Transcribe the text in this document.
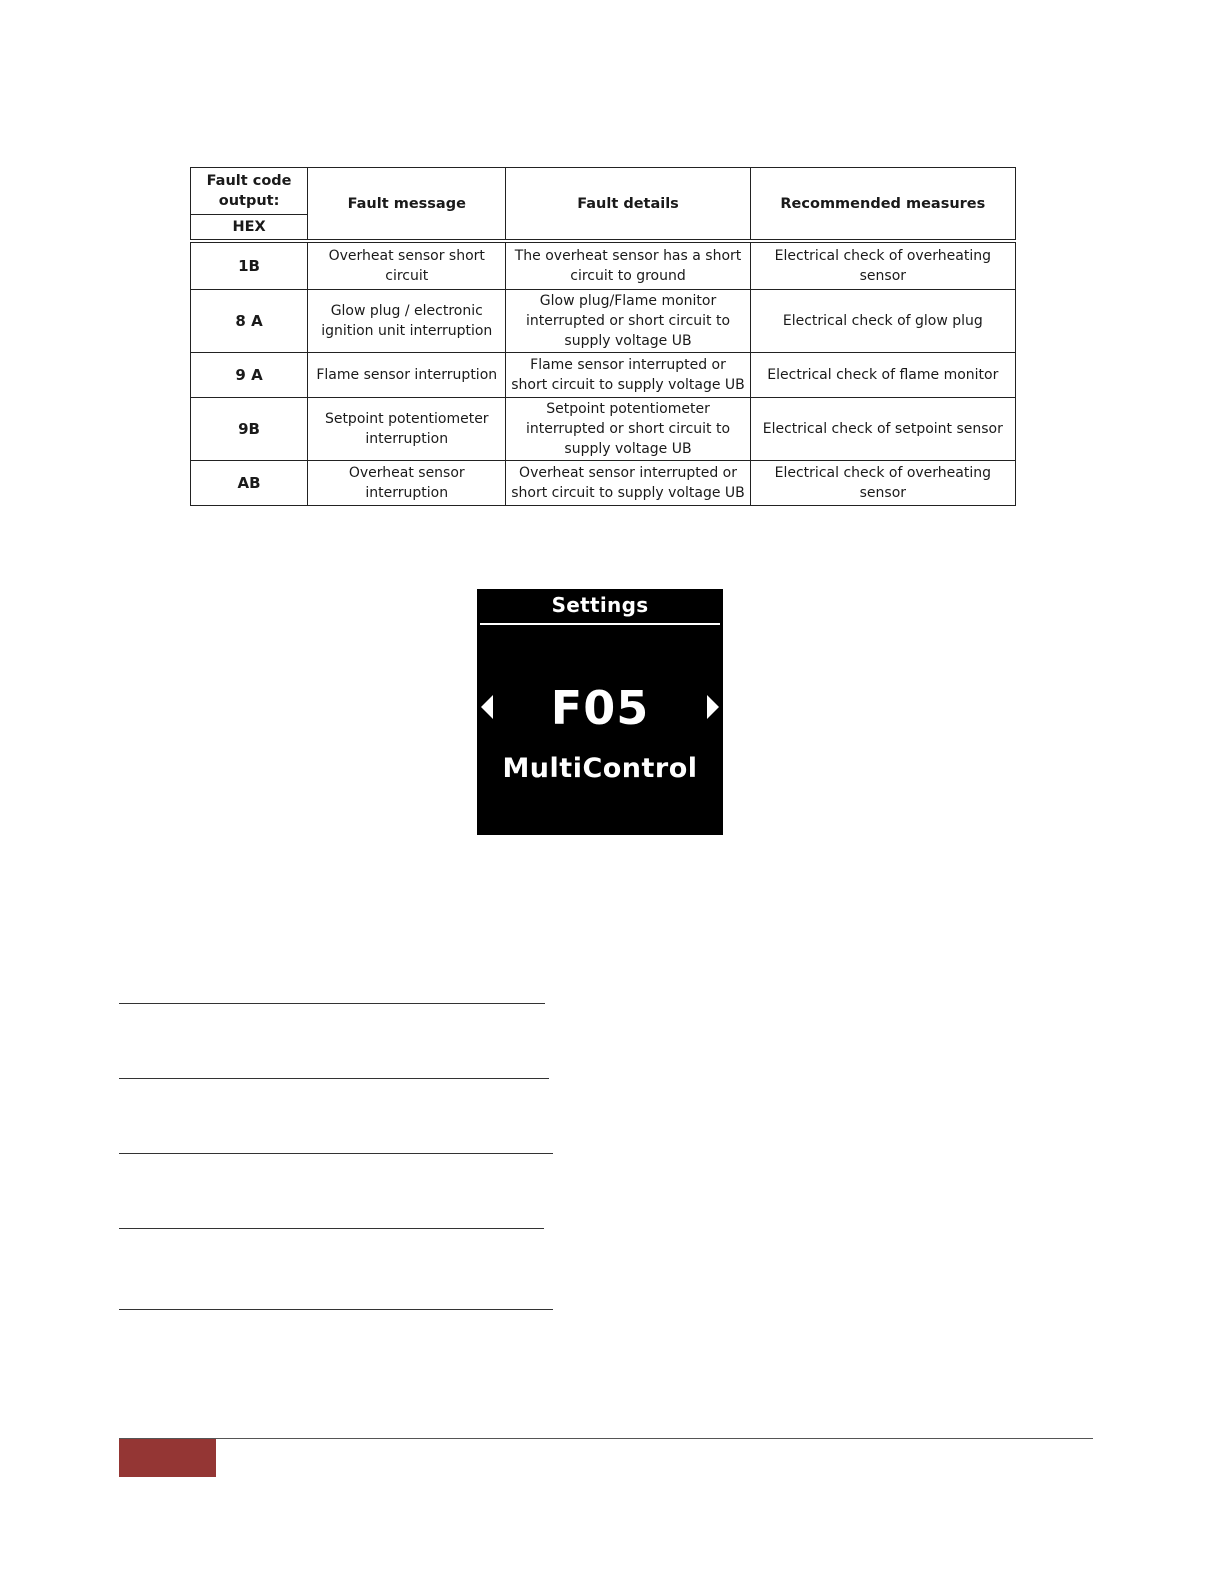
Fault code output:	Fault message	Fault details	Recommended measures
HEX			
1B	Overheat sensor short circuit	The overheat sensor has a short circuit to ground	Electrical check of overheating sensor
8 A	Glow plug / electronic ignition unit interruption	Glow plug/Flame monitor interrupted or short circuit to supply voltage UB	Electrical check of glow plug
9 A	Flame sensor interruption	Flame sensor interrupted or short circuit to supply voltage UB	Electrical check of flame monitor
9B	Setpoint potentiometer interruption	Setpoint potentiometer interrupted or short circuit to supply voltage UB	Electrical check of setpoint sensor
AB	Overheat sensor interruption	Overheat sensor interrupted or short circuit to supply voltage UB	Electrical check of overheating sensor
Settings
F05
MultiControl
